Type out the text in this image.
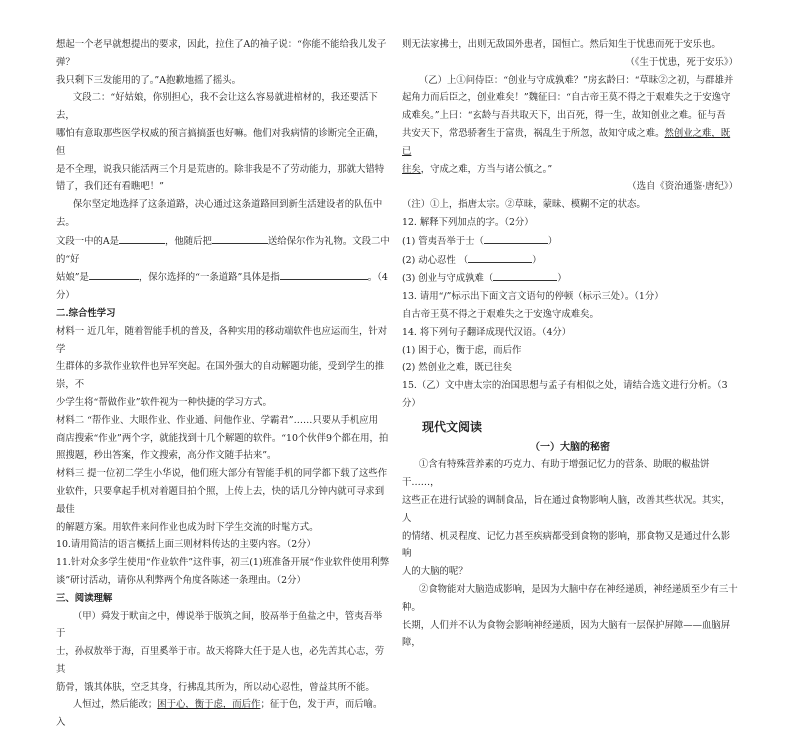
想起一个老早就想提出的要求，因此，拉住了A的袖子说：“你能不能给我儿发子弹？

我只剩下三发能用的了。”A抱歉地摇了摇头。

文段二：“好姑娘，你别担心，我不会让这么容易就进棺材的，我还要活下去，

哪怕有意取那些医学权威的预言搞搞蛋也好嘛。他们对我病情的诊断完全正确，但

是不全理，说我只能活两三个月是荒唐的。除非我是不了劳动能力，那就大错特错了，我们还有看瞧吧！”

保尔坚定地选择了这条道路，决心通过这条道路回到新生活建设者的队伍中去。

文段一中的A是	，他随后把	送给保尔作为礼物。文段二中的“好

姑娘”是	，保尔选择的“一条道路”具体是指	。（4分）

二.综合性学习

材料一 近几年，随着智能手机的普及，各种实用的移动端软件也应运而生，针对学

生群体的多款作业软件也异军突起。在国外强大的自动解题功能，受到学生的推崇，不

少学生将“帮做作业”软件视为一种快捷的学习方式。

材料二 “帮作业、大眼作业、作业通、问他作业、学霸君”……只要从手机应用

商店搜索“作业”两个字，就能找到十几个解题的软件。“10个伙伴9个都在用，拍

照搜题，秒出答案，作文搜索，高分作文随手拈来”。

材料三 提一位初二学生小华说，他们班大部分有智能手机的同学都下载了这些作

业软件，只要拿起手机对着题目拍个照，上传上去，快的话几分钟内就可寻求到最佳

的解题方案。用软件来问作业也成为时下学生交流的时髦方式。

10.请用简洁的语言概括上面三则材料传达的主要内容。（2分）

11.针对众多学生使用“作业软件”这件事，初三(1)班准备开展“作业软件使用利弊

谈”研讨活动，请你从利弊两个角度各陈述一条理由。（2分）

三、阅读理解

（甲）舜发于畎亩之中，傅说举于版筑之间，胶鬲举于鱼盐之中，管夷吾举于

士，孙叔敖举于海，百里奚举于市。故天将降大任于是人也，必先苦其心志，劳其

筋骨，饿其体肤，空乏其身，行拂乱其所为，所以动心忍性，曾益其所不能。

人恒过，然后能改；困于心，衡于虑，而后作；征于色，发于声，而后喻。入

则无法家拂士，出则无敌国外患者，国恒亡。然后知生于忧患而死于安乐也。

（《生于忧患，死于安乐》）

（乙）上①问侍臣：“创业与守成孰难？”房玄龄曰：“草昧②之初，与群雄并

起角力而后臣之，创业难矣！”魏征曰：“自古帝王莫不得之于艰难失之于安逸守

成难矣。”上曰：“玄龄与吾共取天下，出百死，得一生，故知创业之难。征与吾

共安天下，常恐骄奢生于富贵，祸乱生于所忽，故知守成之难。然创业之难，既已

往矣，守成之难，方当与诸公慎之。”

（选自《资治通鉴·唐纪》）

（注）①上，指唐太宗。②草昧，蒙昧、模糊不定的状态。

12. 解释下列加点的字。（2分）

(1) 管夷吾举于士（	）

(2) 动心忍性 （	）

(3) 创业与守成孰难（	）

13. 请用“/”标示出下面文言文语句的停顿（标示三处）。（1分）

自古帝王莫不得之于艰难失之于安逸守成难矣。

14. 将下列句子翻译成现代汉语。（4分）

(1) 困于心，衡于虑，而后作

(2) 然创业之难，既已往矣

15.（乙）文中唐太宗的治国思想与孟子有相似之处，请结合选文进行分析。（3

分）

现代文阅读

（一）大脑的秘密

①含有特殊营养素的巧克力、有助于增强记忆力的营条、助眠的椒盐饼干……，

这些正在进行试验的调制食品，旨在通过食物影响人脑，改善其些状况。其实，人

的情绪、机灵程度、记忆力甚至疾病都受到食物的影响，那食物又是通过什么影响

人的大脑的呢？

②食物能对大脑造成影响，是因为大脑中存在神经递质，神经递质至少有三十种。

长期，人们并不认为食物会影响神经递质，因为大脑有一层保护屏障——血脑屏障，
